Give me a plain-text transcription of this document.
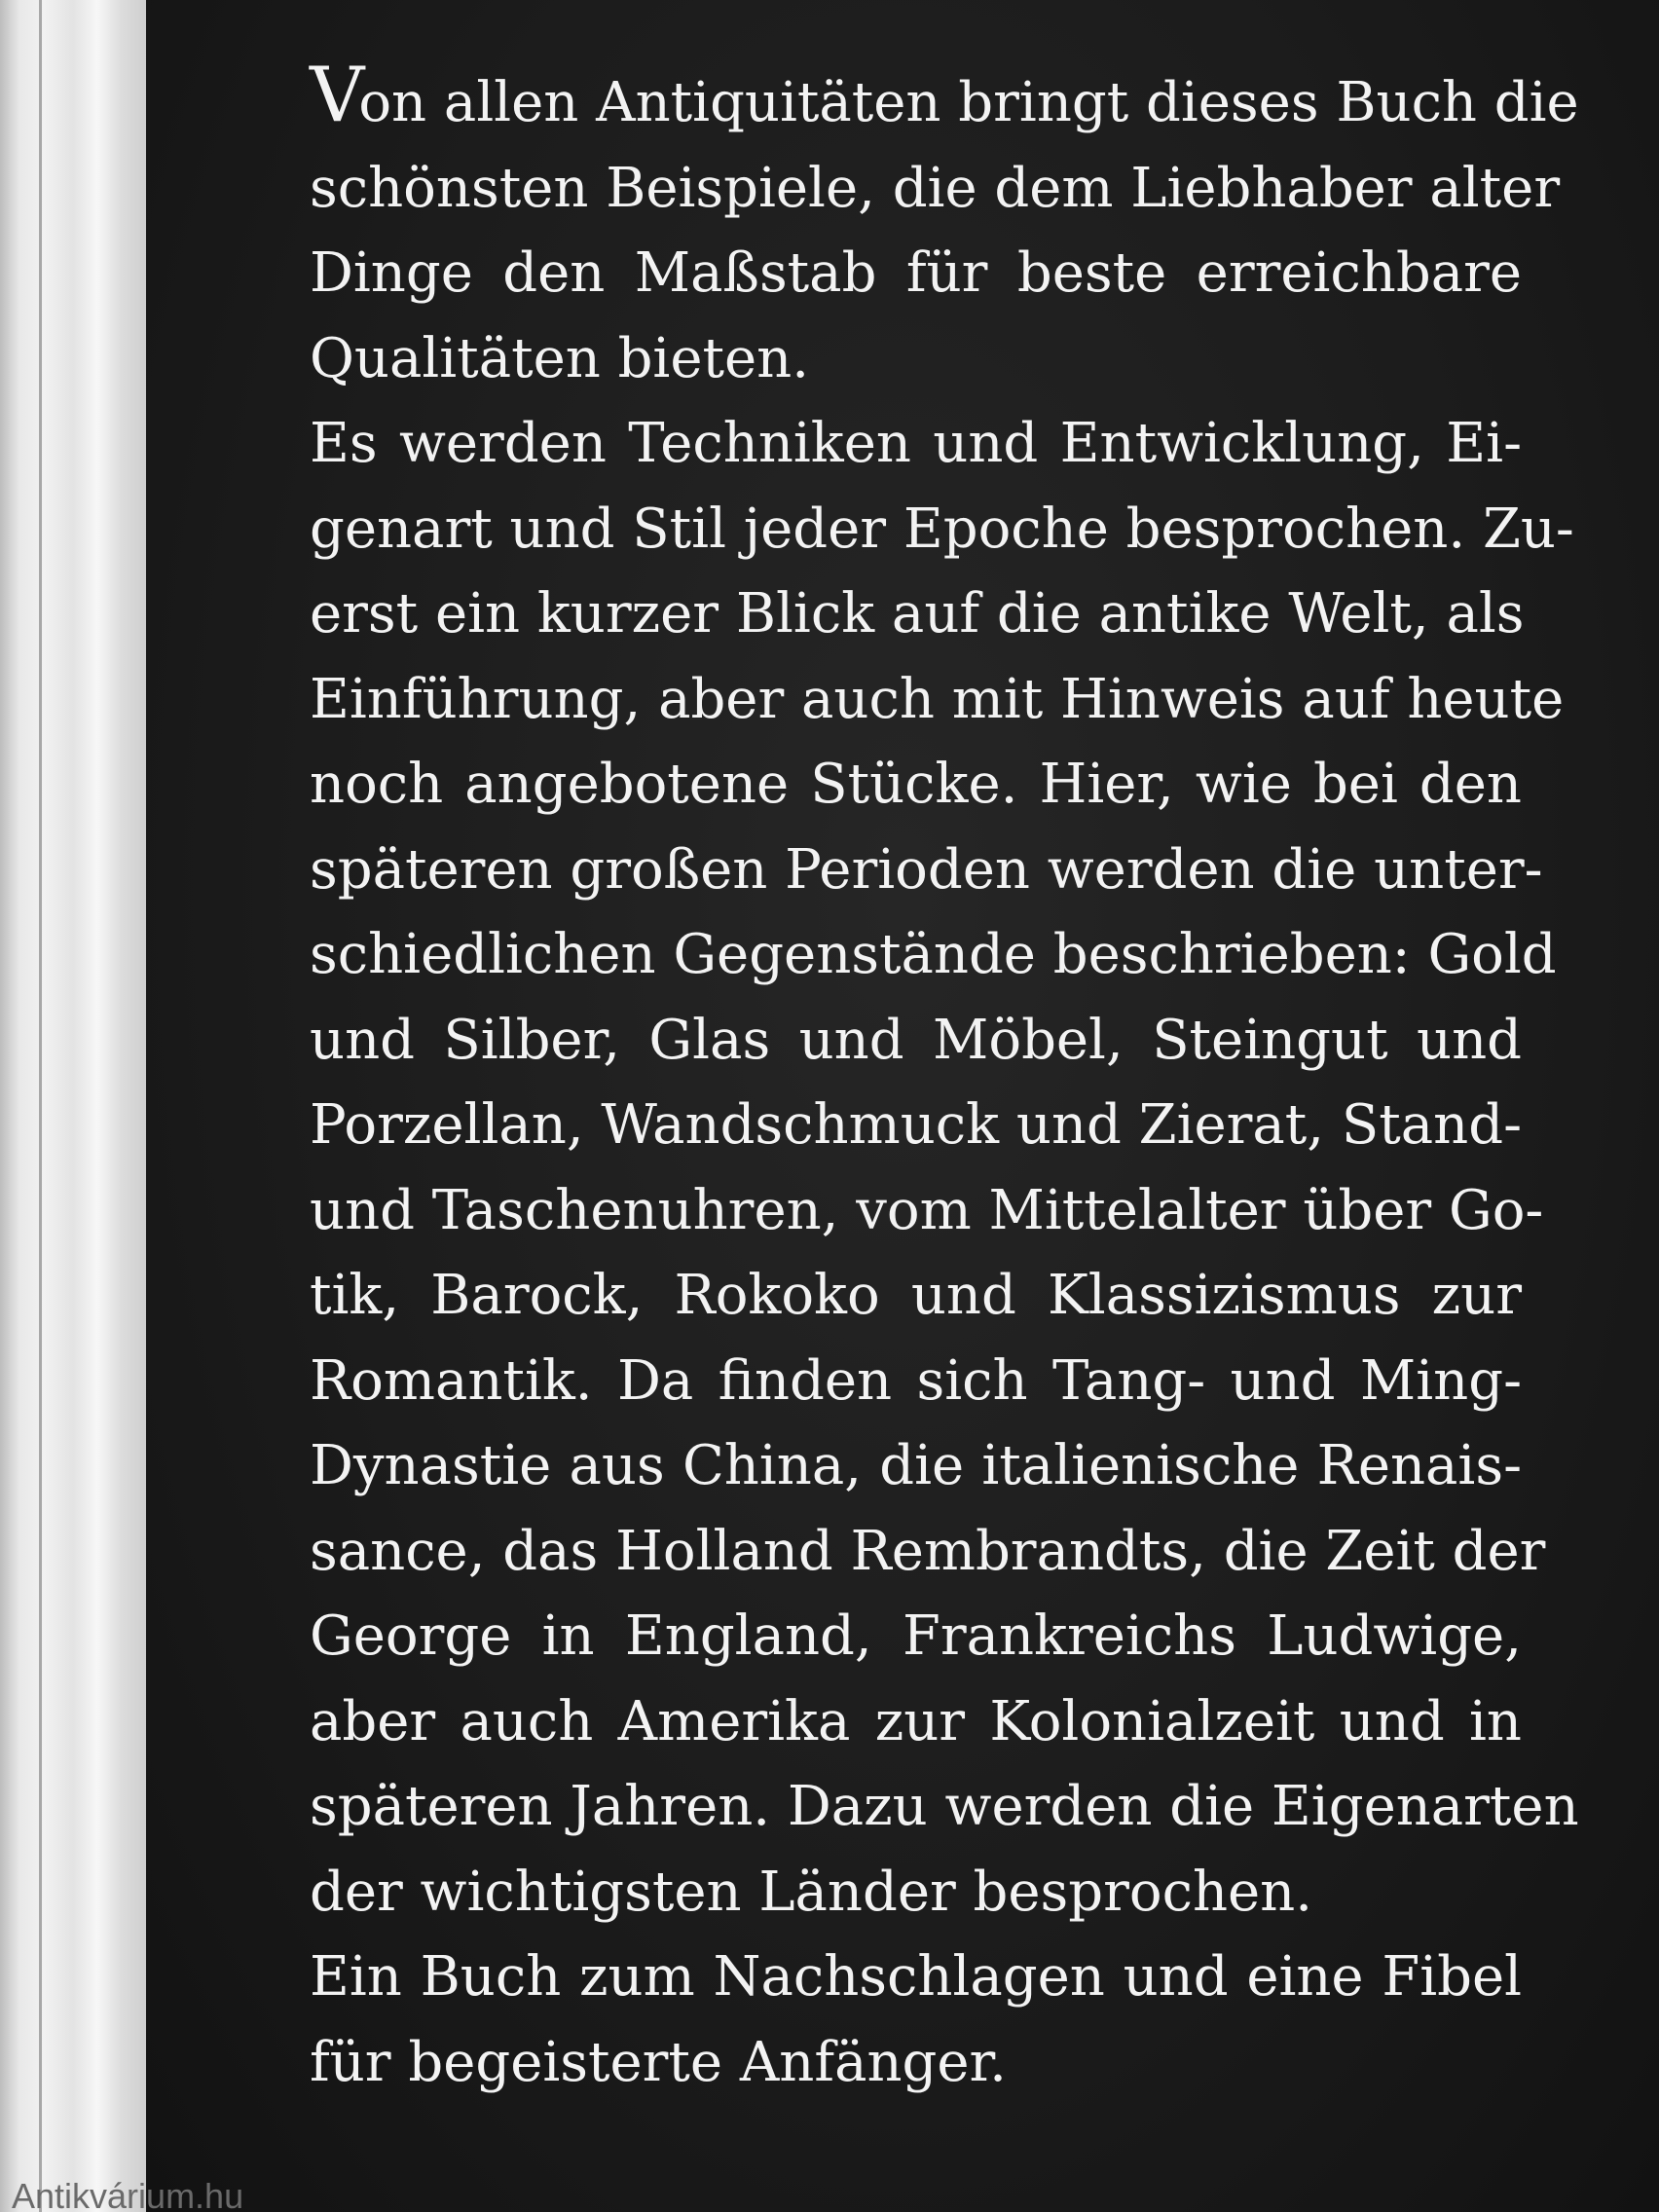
Von allen Antiquitäten bringt dieses Buch die
schönsten Beispiele, die dem Liebhaber alter
Dinge den Maßstab für beste erreichbare
Qualitäten bieten.
Es werden Techniken und Entwicklung, Ei-
genart und Stil jeder Epoche besprochen. Zu-
erst ein kurzer Blick auf die antike Welt, als
Einführung, aber auch mit Hinweis auf heute
noch angebotene Stücke. Hier, wie bei den
späteren großen Perioden werden die unter-
schiedlichen Gegenstände beschrieben: Gold
und Silber, Glas und Möbel, Steingut und
Porzellan, Wandschmuck und Zierat, Stand-
und Taschenuhren, vom Mittelalter über Go-
tik, Barock, Rokoko und Klassizismus zur
Romantik. Da finden sich Tang- und Ming-
Dynastie aus China, die italienische Renais-
sance, das Holland Rembrandts, die Zeit der
George in England, Frankreichs Ludwige,
aber auch Amerika zur Kolonialzeit und in
späteren Jahren. Dazu werden die Eigenarten
der wichtigsten Länder besprochen.
Ein Buch zum Nachschlagen und eine Fibel
für begeisterte Anfänger.
Antikvárium.hu
